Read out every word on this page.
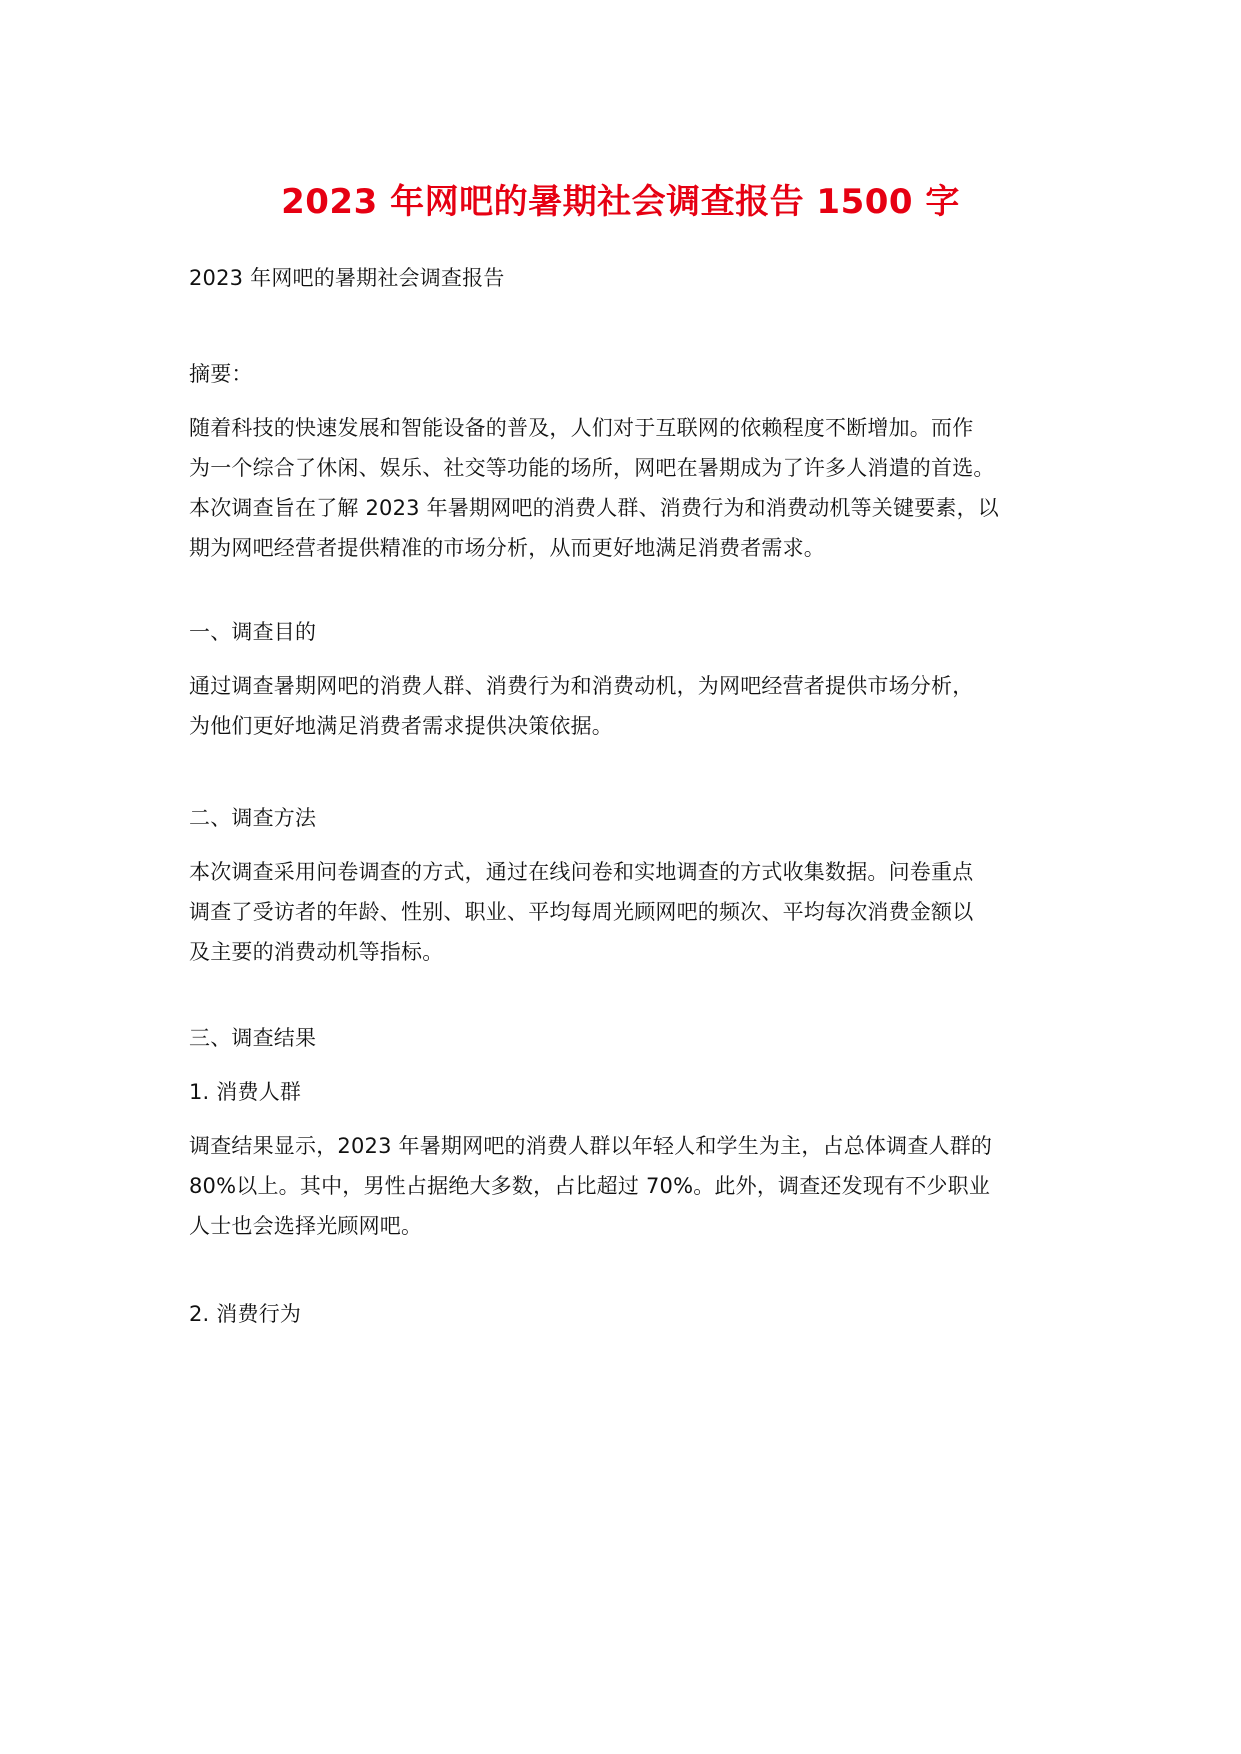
2023 年网吧的暑期社会调查报告 1500 字

2023 年网吧的暑期社会调查报告

摘要：

随着科技的快速发展和智能设备的普及，人们对于互联网的依赖程度不断增加。而作

为一个综合了休闲、娱乐、社交等功能的场所，网吧在暑期成为了许多人消遣的首选。

本次调查旨在了解 2023 年暑期网吧的消费人群、消费行为和消费动机等关键要素，以

期为网吧经营者提供精准的市场分析，从而更好地满足消费者需求。

一、调查目的

通过调查暑期网吧的消费人群、消费行为和消费动机，为网吧经营者提供市场分析，

为他们更好地满足消费者需求提供决策依据。

二、调查方法

本次调查采用问卷调查的方式，通过在线问卷和实地调查的方式收集数据。问卷重点

调查了受访者的年龄、性别、职业、平均每周光顾网吧的频次、平均每次消费金额以

及主要的消费动机等指标。

三、调查结果

1. 消费人群

调查结果显示，2023 年暑期网吧的消费人群以年轻人和学生为主，占总体调查人群的

80%以上。其中，男性占据绝大多数，占比超过 70%。此外，调查还发现有不少职业

人士也会选择光顾网吧。

2. 消费行为
